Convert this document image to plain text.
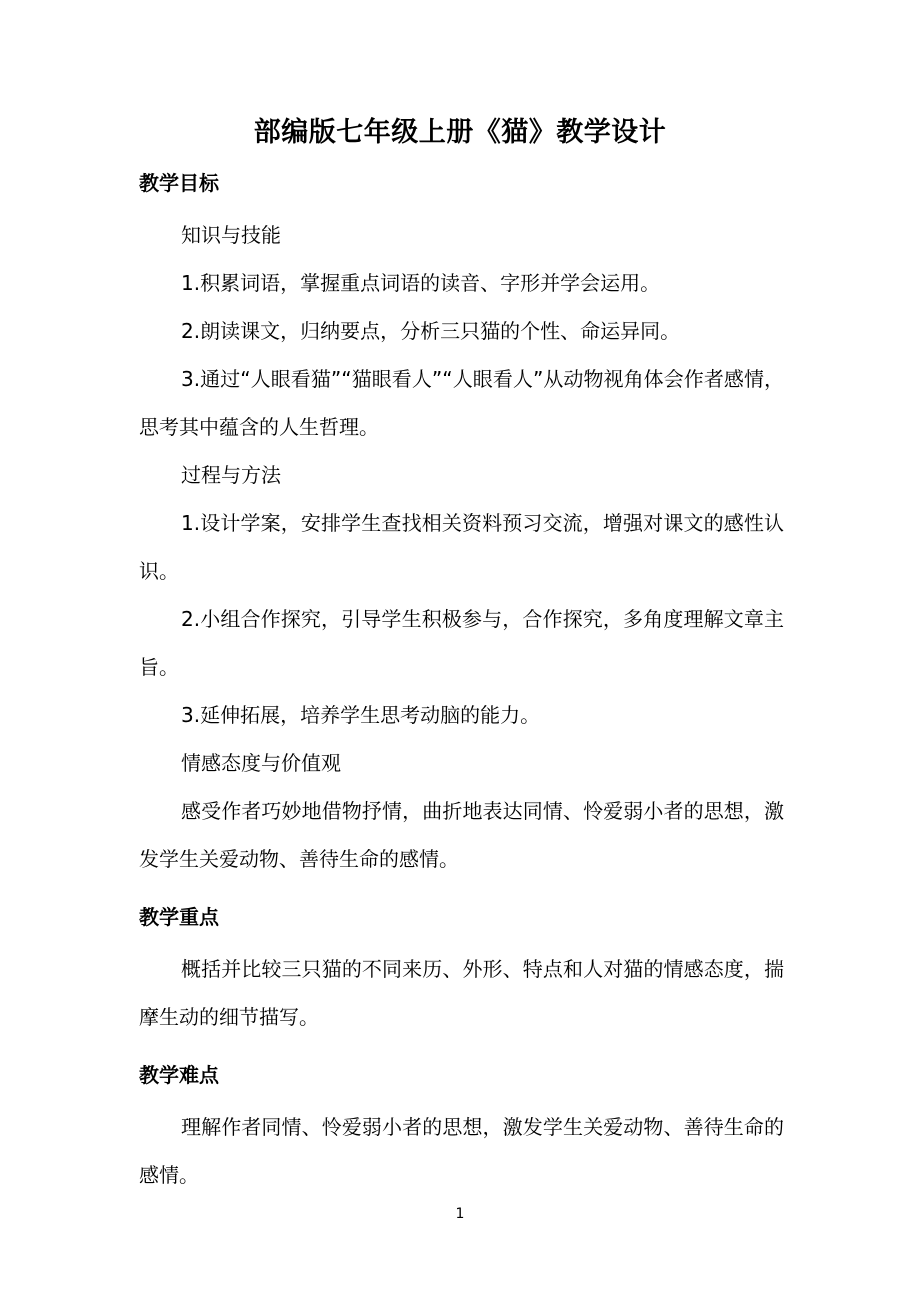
部编版七年级上册《猫》教学设计
教学目标

知识与技能

1.积累词语，掌握重点词语的读音、字形并学会运用。

2.朗读课文，归纳要点，分析三只猫的个性、命运异同。

3.通过“人眼看猫”“猫眼看人”“人眼看人”从动物视角体会作者感情，思考其中蕴含的人生哲理。

过程与方法

1.设计学案，安排学生查找相关资料预习交流，增强对课文的感性认识。

2.小组合作探究，引导学生积极参与，合作探究，多角度理解文章主旨。

3.延伸拓展，培养学生思考动脑的能力。

情感态度与价值观

感受作者巧妙地借物抒情，曲折地表达同情、怜爱弱小者的思想，激发学生关爱动物、善待生命的感情。

教学重点

概括并比较三只猫的不同来历、外形、特点和人对猫的情感态度，揣摩生动的细节描写。

教学难点

理解作者同情、怜爱弱小者的思想，激发学生关爱动物、善待生命的感情。

1
